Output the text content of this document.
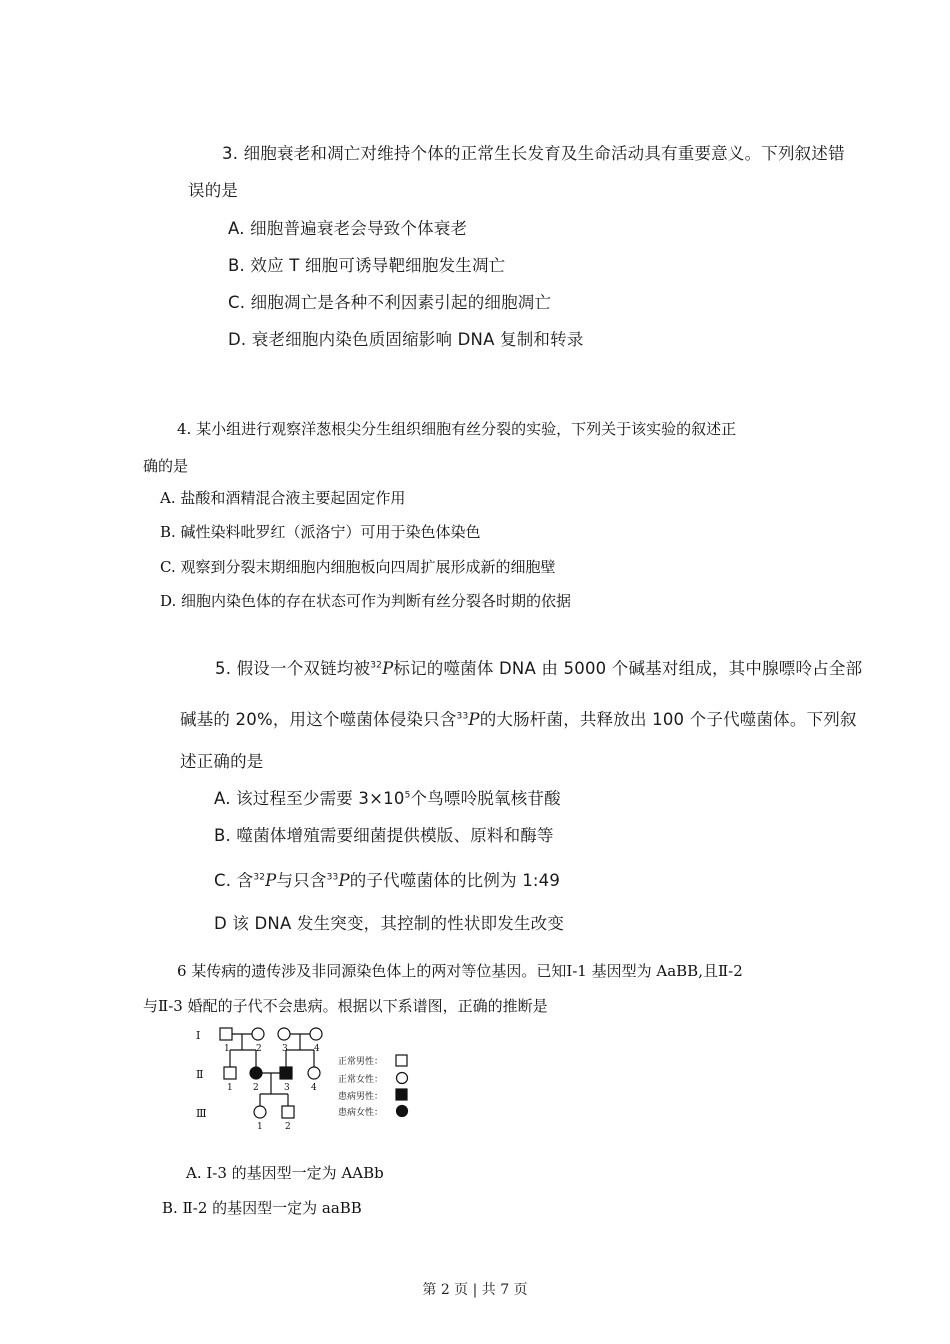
3. 细胞衰老和凋亡对维持个体的正常生长发育及生命活动具有重要意义。下列叙述错
误的是
A. 细胞普遍衰老会导致个体衰老
B. 效应 T 细胞可诱导靶细胞发生凋亡
C. 细胞凋亡是各种不利因素引起的细胞凋亡
D. 衰老细胞内染色质固缩影响 DNA 复制和转录
4. 某小组进行观察洋葱根尖分生组织细胞有丝分裂的实验，下列关于该实验的叙述正
确的是
A. 盐酸和酒精混合液主要起固定作用
B. 碱性染料吡罗红（派洛宁）可用于染色体染色
C. 观察到分裂末期细胞内细胞板向四周扩展形成新的细胞壁
D. 细胞内染色体的存在状态可作为判断有丝分裂各时期的依据
5. 假设一个双链均被$^{32}$P标记的噬菌体 DNA 由 5000 个碱基对组成，其中腺嘌呤占全部
碱基的 20%，用这个噬菌体侵染只含$^{33}$P的大肠杆菌，共释放出 100 个子代噬菌体。下列叙
述正确的是
A. 该过程至少需要 $3\times 10^5$个鸟嘌呤脱氧核苷酸
B. 噬菌体增殖需要细菌提供模版、原料和酶等
C. 含$^{32}$P与只含$^{33}$P的子代噬菌体的比例为 1:49
D 该 DNA 发生突变，其控制的性状即发生改变
6 某传病的遗传涉及非同源染色体上的两对等位基因。已知Ⅰ-1 基因型为 AaBB,且Ⅱ-2
与Ⅱ-3 婚配的子代不会患病。根据以下系谱图，正确的推断是
Ⅰ
Ⅱ
Ⅲ
1	2 3	4
1 2	3 4
1 2
正常男性：
正常女性：
患病男性：
患病女性：
A. Ⅰ-3 的基因型一定为 AABb
B. Ⅱ-2 的基因型一定为 aaBB
第 2 页 | 共 7 页
